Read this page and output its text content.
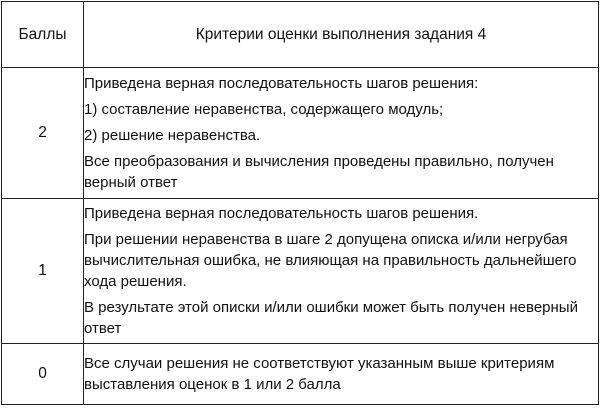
Баллы	Критерии оценки выполнения задания 4
2	Приведена верная последовательность шагов решения:

1) составление неравенства, содержащего модуль;

2) решение неравенства.

Все преобразования и вычисления проведены правильно, получен верный ответ

1	Приведена верная последовательность шагов решения.

При решении неравенства в шаге 2 допущена описка и/или негрубая вычислительная ошибка, не влияющая на правильность дальнейшего хода решения.

В результате этой описки и/или ошибки может быть получен неверный ответ

0	Все случаи решения не соответствуют указанным выше критериям выставления оценок в 1 или 2 балла
